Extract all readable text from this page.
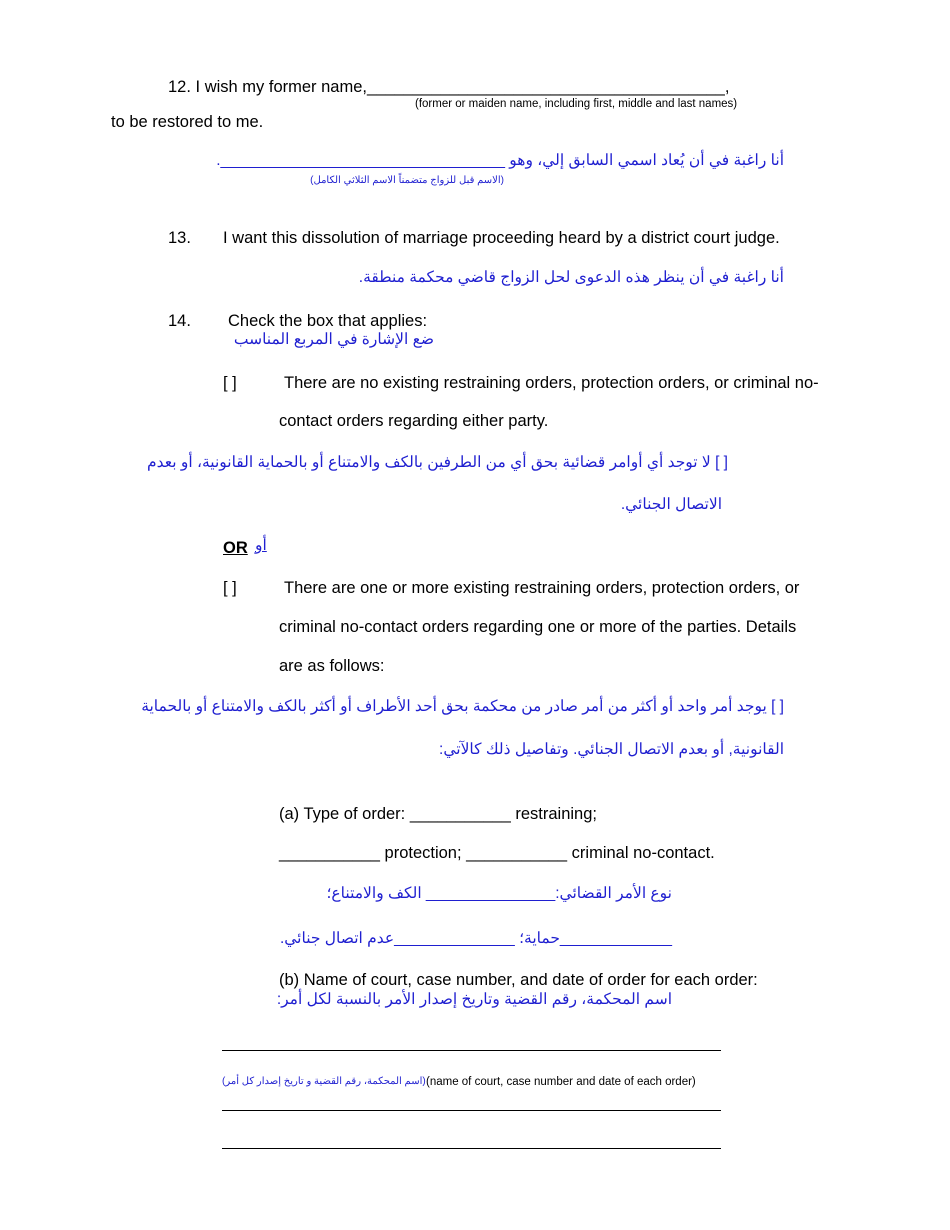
12. I wish my former name,_______________________________________,
(former or maiden name, including first, middle and last names)
to be restored to me.
أنا راغبة في أن يُعاد اسمي السابق إلي، وهو _________________________________.
(الاسم قبل للزواج متضمناً الاسم الثلاثي الكامل)
13. I want this dissolution of marriage proceeding heard by a district court judge.
أنا راغبة في أن ينظر هذه الدعوى لحل الزواج قاضي محكمة منطقة.
14. Check the box that applies:
ضع الإشارة في المربع المناسب
[ ]	There are no existing restraining orders, protection orders, or criminal no-
contact orders regarding either party.
[ ] لا توجد أي أوامر قضائية بحق أي من الطرفين بالكف والامتناع أو بالحماية القانونية، أو بعدم
الاتصال الجنائي.
OR أو
[ ]	There are one or more existing restraining orders, protection orders, or
criminal no-contact orders regarding one or more of the parties. Details
are as follows:
[ ] يوجد أمر واحد أو أكثر من أمر صادر من محكمة بحق أحد الأطراف أو أكثر بالكف والامتناع أو بالحماية
القانونية, أو بعدم الاتصال الجنائي. وتفاصيل ذلك كالآتي:
(a) Type of order: ___________ restraining;
___________ protection; ___________ criminal no-contact.
نوع الأمر القضائي:_______________ الكف والامتناع؛
_____________حماية؛ ______________عدم اتصال جنائي.
(b) Name of court, case number, and date of order for each order:
اسم المحكمة، رقم القضية وتاريخ إصدار الأمر بالنسبة لكل أمر:
(اسم المحكمة، رقم القضية و تاريخ إصدار كل أمر) (name of court, case number and date of each order)
